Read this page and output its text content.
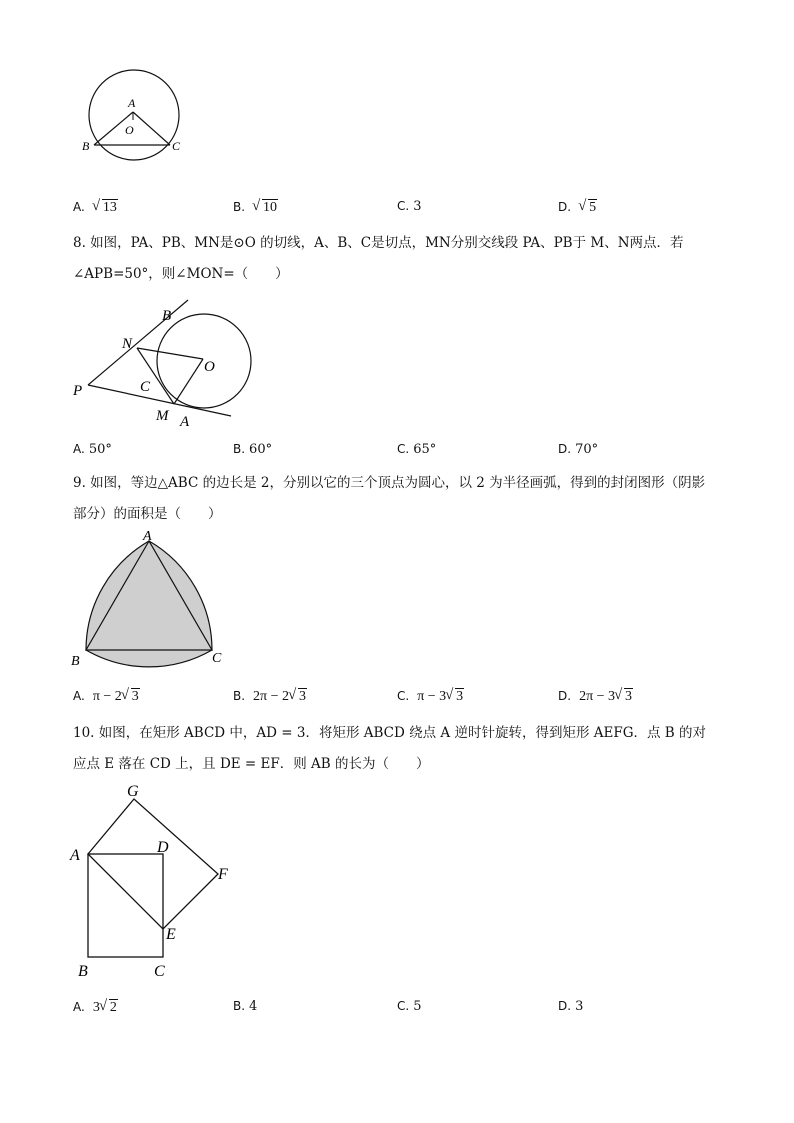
A
O
B	C
A. √ 13	B. √ 10	C. 3	D. √ 5
8. 如图，PA、PB、MN是⊙O 的切线，A、B、C是切点，MN分别交线段 PA、PB于 M、N两点．若
∠APB=50°，则∠MON=（　　）
B
N
O
P	C
M A
A. 50°	B. 60°	C. 65°	D. 70°
9. 如图，等边△ABC 的边长是 2，分别以它的三个顶点为圆心，以 2 为半径画弧，得到的封闭图形（阴影
部分）的面积是（　　）
A
B	C
A. π − 2 √ 3	B. 2π − 2 √ 3	C. π − 3 √ 3	D. 2π − 3 √ 3
10. 如图，在矩形 ABCD 中，AD = 3．将矩形 ABCD 绕点 A 逆时针旋转，得到矩形 AEFG．点 B 的对
应点 E 落在 CD 上，且 DE = EF．则 AB 的长为（　　）
G
A	D
F
E
B	C
A. 3 √ 2	B. 4	C. 5	D. 3
